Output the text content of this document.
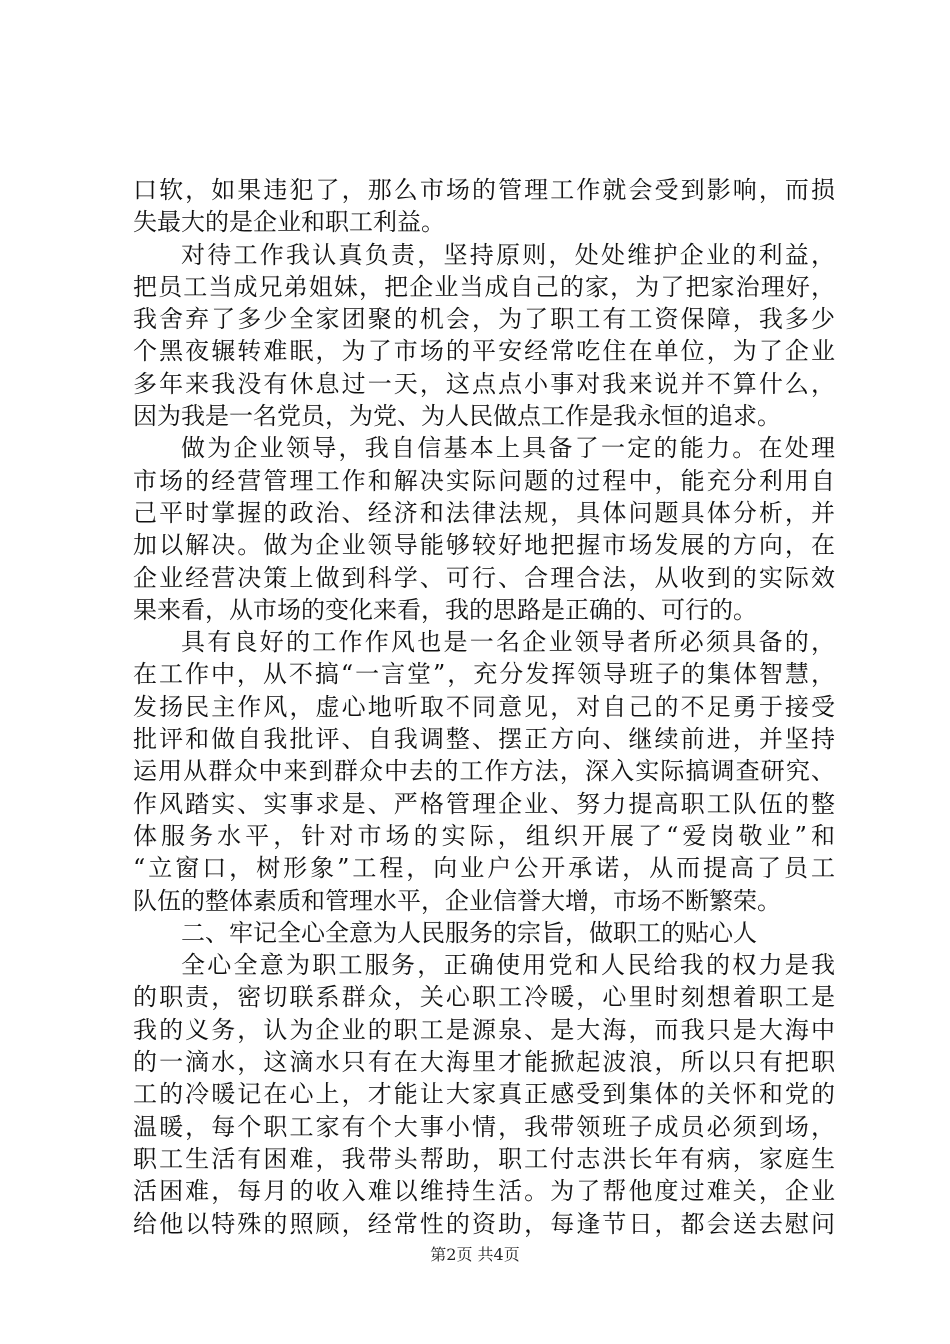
口软，如果违犯了，那么市场的管理工作就会受到影响，而损
失最大的是企业和职工利益。
对待工作我认真负责，坚持原则，处处维护企业的利益，
把员工当成兄弟姐妹，把企业当成自己的家，为了把家治理好，
我舍弃了多少全家团聚的机会，为了职工有工资保障，我多少
个黑夜辗转难眠，为了市场的平安经常吃住在单位，为了企业
多年来我没有休息过一天，这点点小事对我来说并不算什么，
因为我是一名党员，为党、为人民做点工作是我永恒的追求。
做为企业领导，我自信基本上具备了一定的能力。在处理
市场的经营管理工作和解决实际问题的过程中，能充分利用自
己平时掌握的政治、经济和法律法规，具体问题具体分析，并
加以解决。做为企业领导能够较好地把握市场发展的方向，在
企业经营决策上做到科学、可行、合理合法，从收到的实际效
果来看，从市场的变化来看，我的思路是正确的、可行的。
具有良好的工作作风也是一名企业领导者所必须具备的，
在工作中，从不搞“一言堂”，充分发挥领导班子的集体智慧，
发扬民主作风，虚心地听取不同意见，对自己的不足勇于接受
批评和做自我批评、自我调整、摆正方向、继续前进，并坚持
运用从群众中来到群众中去的工作方法，深入实际搞调查研究、
作风踏实、实事求是、严格管理企业、努力提高职工队伍的整
体服务水平，针对市场的实际，组织开展了“爱岗敬业”和
“立窗口，树形象”工程，向业户公开承诺，从而提高了员工
队伍的整体素质和管理水平，企业信誉大增，市场不断繁荣。
二、牢记全心全意为人民服务的宗旨，做职工的贴心人
全心全意为职工服务，正确使用党和人民给我的权力是我
的职责，密切联系群众，关心职工冷暖，心里时刻想着职工是
我的义务，认为企业的职工是源泉、是大海，而我只是大海中
的一滴水，这滴水只有在大海里才能掀起波浪，所以只有把职
工的冷暖记在心上，才能让大家真正感受到集体的关怀和党的
温暖，每个职工家有个大事小情，我带领班子成员必须到场，
职工生活有困难，我带头帮助，职工付志洪长年有病，家庭生
活困难，每月的收入难以维持生活。为了帮他度过难关，企业
给他以特殊的照顾，经常性的资助，每逢节日，都会送去慰问
第2页 共4页
